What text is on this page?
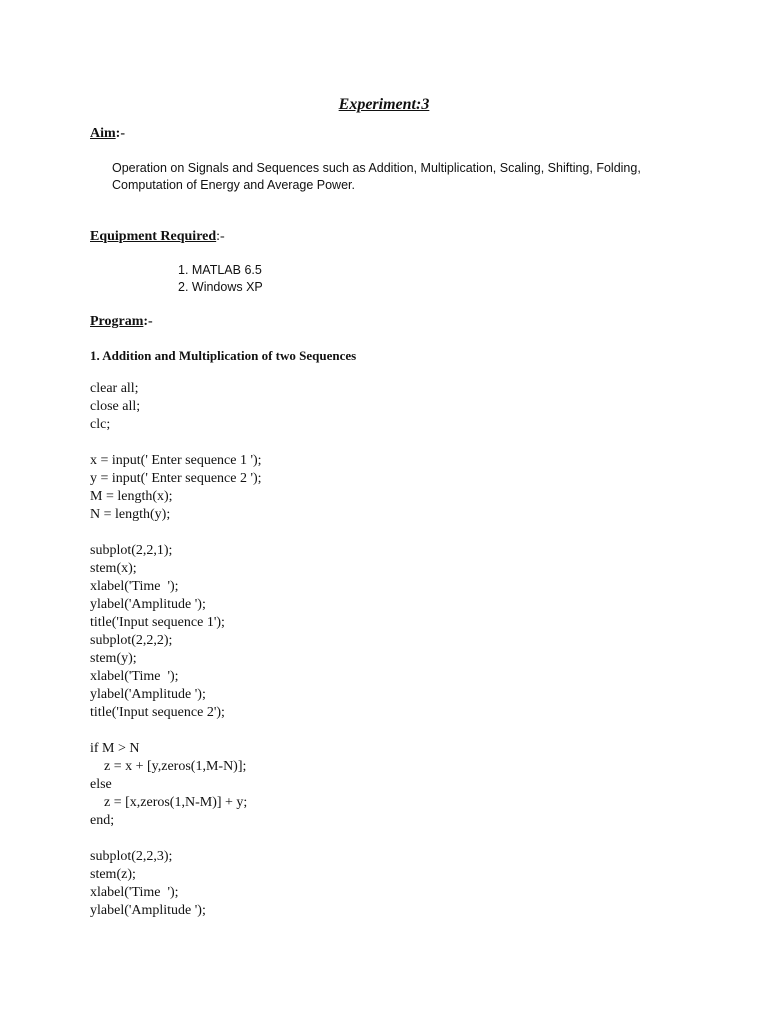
Experiment:3
Aim:-
Operation on Signals and Sequences such as Addition, Multiplication, Scaling, Shifting, Folding,
Computation of Energy and Average Power.
Equipment Required:-
1. MATLAB 6.5
2. Windows XP
Program:-
1. Addition and Multiplication of two Sequences
clear all;
close all;
clc;
x = input(' Enter sequence 1 ');
y = input(' Enter sequence 2 ');
M = length(x);
N = length(y);
subplot(2,2,1);
stem(x);
xlabel('Time  ');
ylabel('Amplitude ');
title('Input sequence 1');
subplot(2,2,2);
stem(y);
xlabel('Time  ');
ylabel('Amplitude ');
title('Input sequence 2');
if M > N
z = x + [y,zeros(1,M-N)];
else
z = [x,zeros(1,N-M)] + y;
end;
subplot(2,2,3);
stem(z);
xlabel('Time  ');
ylabel('Amplitude ');
